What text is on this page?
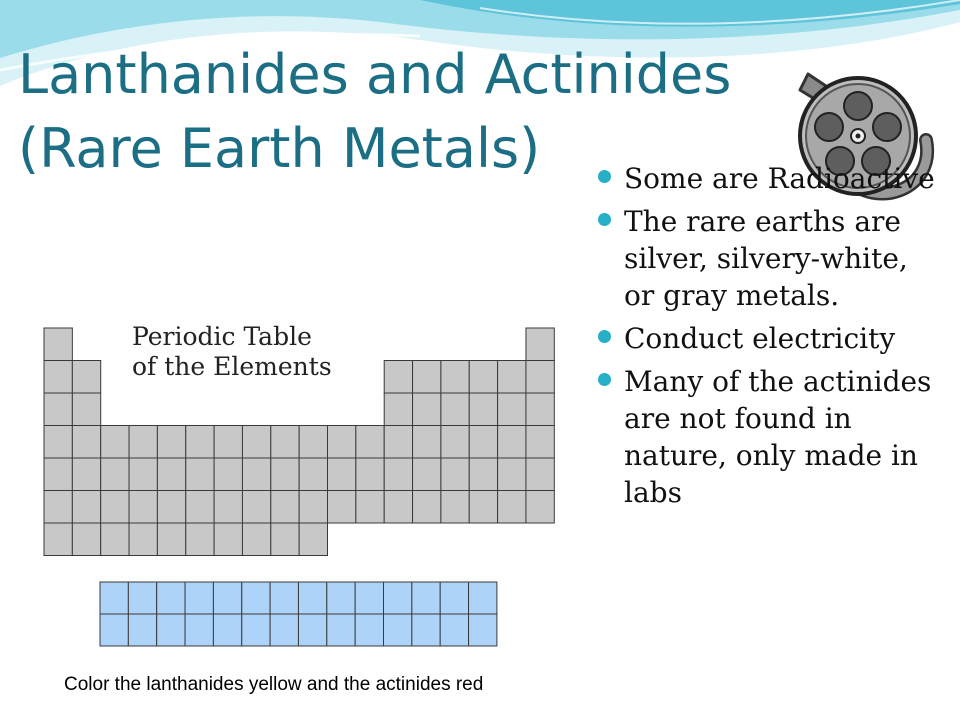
Lanthanides and Actinides
(Rare Earth Metals)	Some are Radioactive
The rare earths are silver, silvery-white, or gray metals.
Conduct electricity
Many of the actinides are not found in nature, only made in labs
Periodic Table
of the Elements
Color the lanthanides yellow and the actinides red
